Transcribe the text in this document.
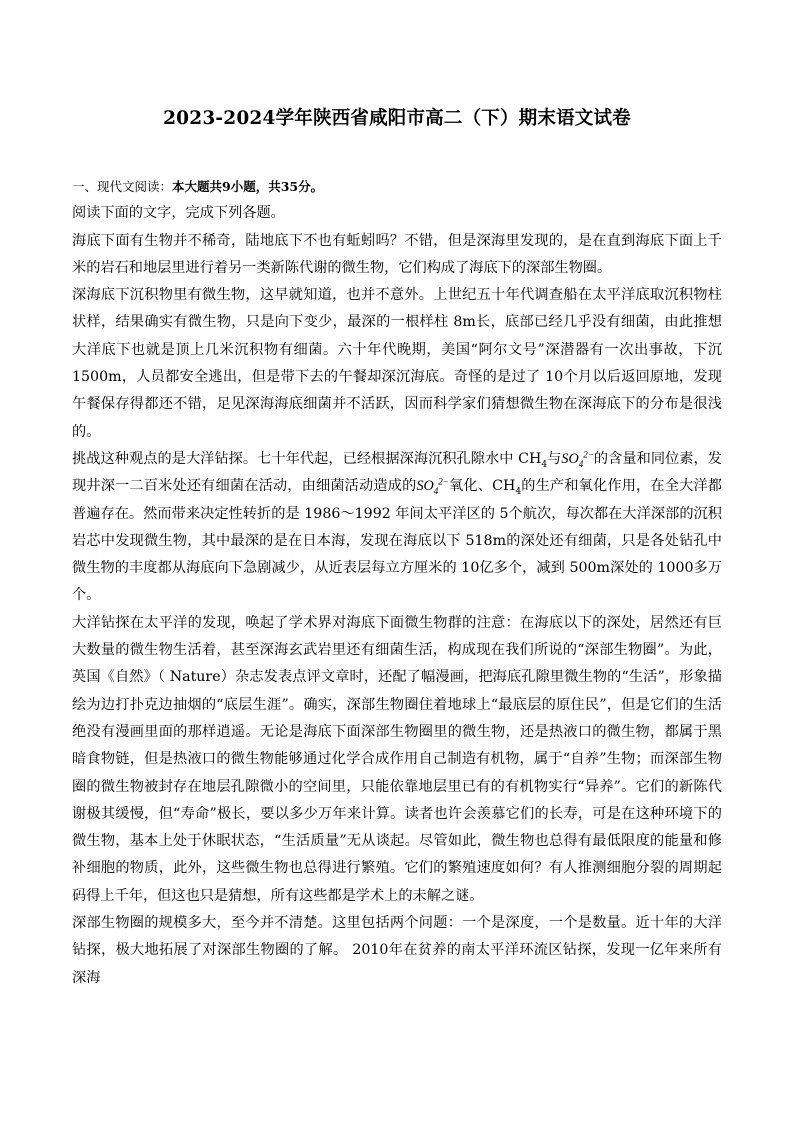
2023-2024学年陕西省咸阳市高二（下）期末语文试卷

一、现代文阅读：本大题共9小题，共35分。

阅读下面的文字，完成下列各题。

海底下面有生物并不稀奇，陆地底下不也有蚯蚓吗？不错，但是深海里发现的，是在直到海底下面上千米的岩石和地层里进行着另一类新陈代谢的微生物，它们构成了海底下的深部生物圈。

深海底下沉积物里有微生物，这早就知道，也并不意外。上世纪五十年代调查船在太平洋底取沉积物柱状样，结果确实有微生物，只是向下变少，最深的一根样柱 8m长，底部已经几乎没有细菌，由此推想大洋底下也就是顶上几米沉积物有细菌。六十年代晚期，美国“阿尔文号”深潜器有一次出事故，下沉 1500m，人员都安全逃出，但是带下去的午餐却深沉海底。奇怪的是过了 10个月以后返回原地，发现午餐保存得都还不错，足见深海海底细菌并不活跃，因而科学家们猜想微生物在深海底下的分布是很浅的。

挑战这种观点的是大洋钻探。七十年代起，已经根据深海沉积孔隙水中 $CH_4$与$SO_4^{2-}$的含量和同位素，发现井深一二百米处还有细菌在活动，由细菌活动造成的$SO_4^{2-}$氧化、$CH_4$的生产和氧化作用，在全大洋都普遍存在。然而带来决定性转折的是 1986～1992 年间太平洋区的 5个航次，每次都在大洋深部的沉积岩芯中发现微生物，其中最深的是在日本海，发现在海底以下 518m的深处还有细菌，只是各处钻孔中微生物的丰度都从海底向下急剧减少，从近表层每立方厘米的 10亿多个，减到 500m深处的 1000多万个。

大洋钻探在太平洋的发现，唤起了学术界对海底下面微生物群的注意：在海底以下的深处，居然还有巨大数量的微生物生活着，甚至深海玄武岩里还有细菌生活，构成现在我们所说的“深部生物圈”。为此，英国《自然》（ Nature）杂志发表点评文章时，还配了幅漫画，把海底孔隙里微生物的“生活”，形象描绘为边打扑克边抽烟的“底层生涯”。确实，深部生物圈住着地球上“最底层的原住民”，但是它们的生活绝没有漫画里面的那样逍遥。无论是海底下面深部生物圈里的微生物，还是热液口的微生物，都属于黑暗食物链，但是热液口的微生物能够通过化学合成作用自己制造有机物，属于“自养”生物；而深部生物圈的微生物被封存在地层孔隙微小的空间里，只能依靠地层里已有的有机物实行“异养”。它们的新陈代谢极其缓慢，但“寿命”极长，要以多少万年来计算。读者也许会羡慕它们的长寿，可是在这种环境下的微生物，基本上处于休眠状态，“生活质量”无从谈起。尽管如此，微生物也总得有最低限度的能量和修补细胞的物质，此外，这些微生物也总得进行繁殖。它们的繁殖速度如何？有人推测细胞分裂的周期起码得上千年，但这也只是猜想，所有这些都是学术上的未解之谜。

深部生物圈的规模多大，至今并不清楚。这里包括两个问题：一个是深度，一个是数量。近十年的大洋钻探，极大地拓展了对深部生物圈的了解。 2010年在贫养的南太平洋环流区钻探，发现一亿年来所有深海
